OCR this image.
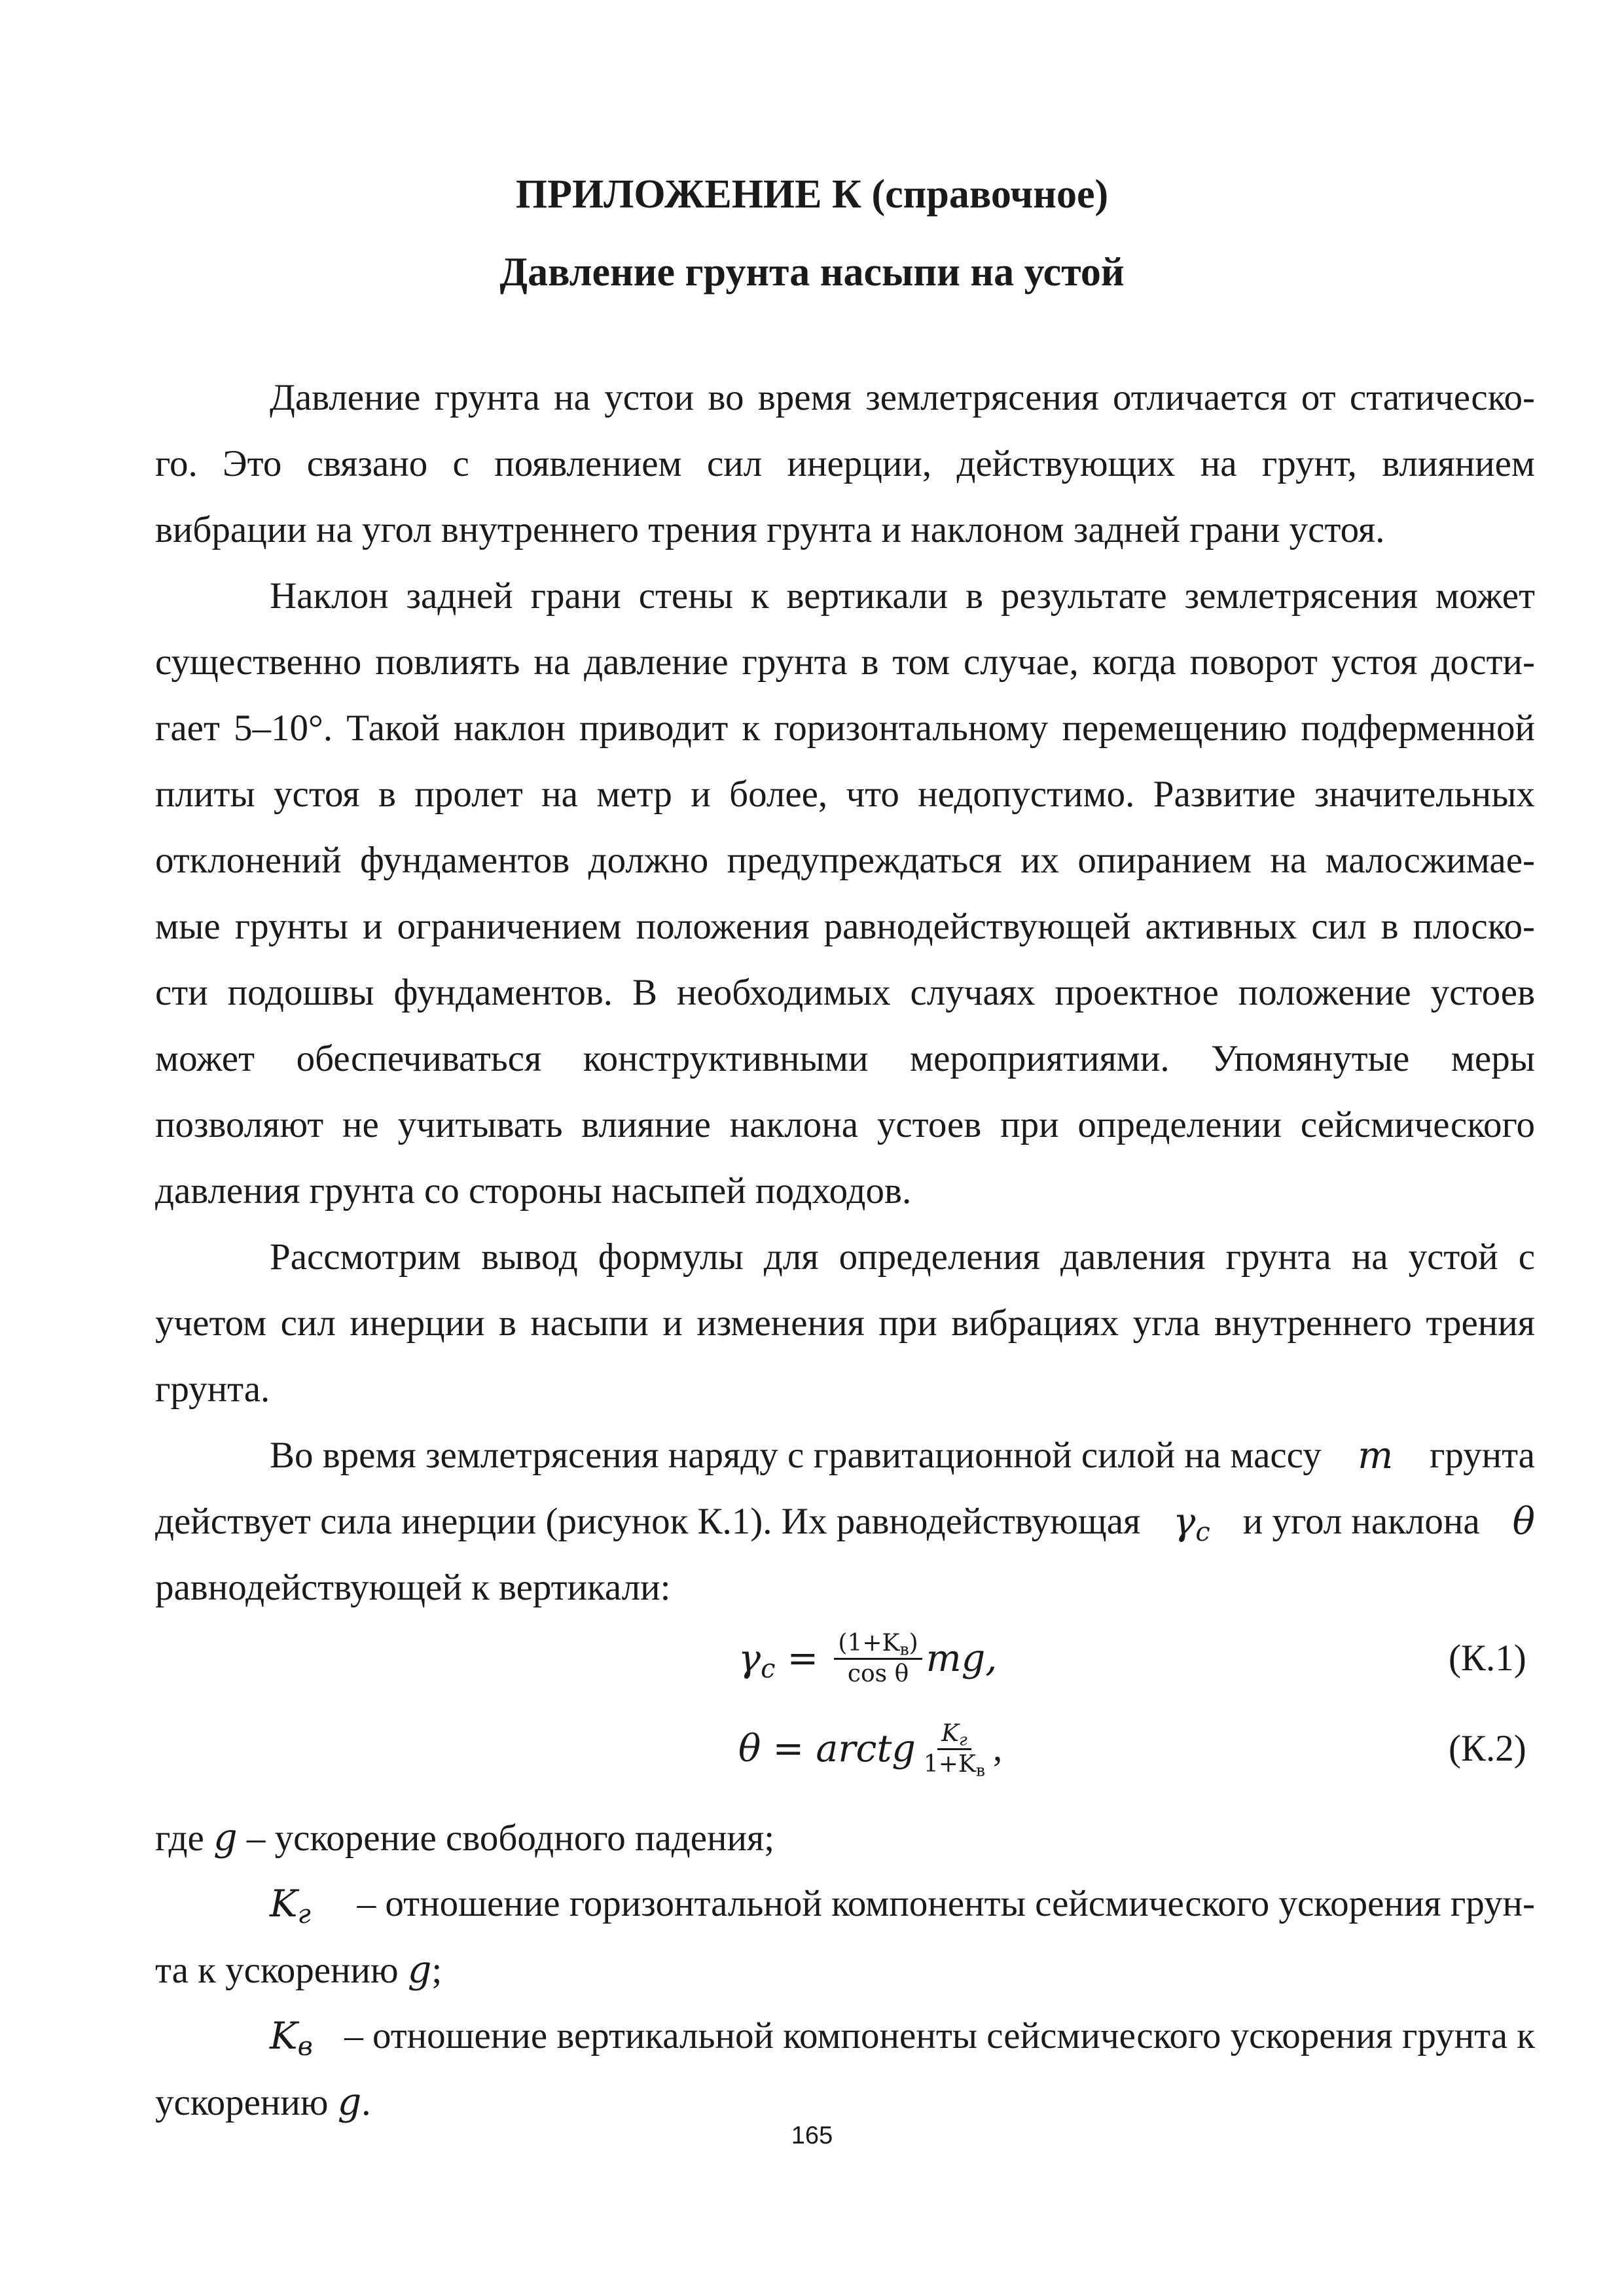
ПРИЛОЖЕНИЕ К (справочное)
Давление грунта насыпи на устой
Давление грунта на устои во время землетрясения отличается от статическо-
го. Это связано с появлением сил инерции, действующих на грунт, влиянием
вибрации на угол внутреннего трения грунта и наклоном задней грани устоя.
Наклон задней грани стены к вертикали в результате землетрясения может
существенно повлиять на давление грунта в том случае, когда поворот устоя дости-
гает 5–10°. Такой наклон приводит к горизонтальному перемещению подферменной
плиты устоя в пролет на метр и более, что недопустимо. Развитие значительных
отклонений фундаментов должно предупреждаться их опиранием на малосжимае-
мые грунты и ограничением положения равнодействующей активных сил в плоско-
сти подошвы фундаментов. В необходимых случаях проектное положение устоев
может обеспечиваться конструктивными мероприятиями. Упомянутые меры
позволяют не учитывать влияние наклона устоев при определении сейсмического
давления грунта со стороны насыпей подходов.
Рассмотрим вывод формулы для определения давления грунта на устой с
учетом сил инерции в насыпи и изменения при вибрациях угла внутреннего трения
грунта.
Во время землетрясения наряду с гравитационной силой на массу m грунта
действует сила инерции (рисунок К.1). Их равнодействующая $\gamma_c$ и угол наклона θ
равнодействующей к вертикали:
$\gamma_c = \frac{(1+K_в)}{\text{cos θ}}$ mg,	(К.1)
θ = arctg $\frac{K_г}{1+K_в}$ ,	(К.2)
где g – ускорение свободного падения;
$K_г$ – отношение горизонтальной компоненты сейсмического ускорения грун-
та к ускорению g;
$K_в$ – отношение вертикальной компоненты сейсмического ускорения грунта к
ускорению g.
165
